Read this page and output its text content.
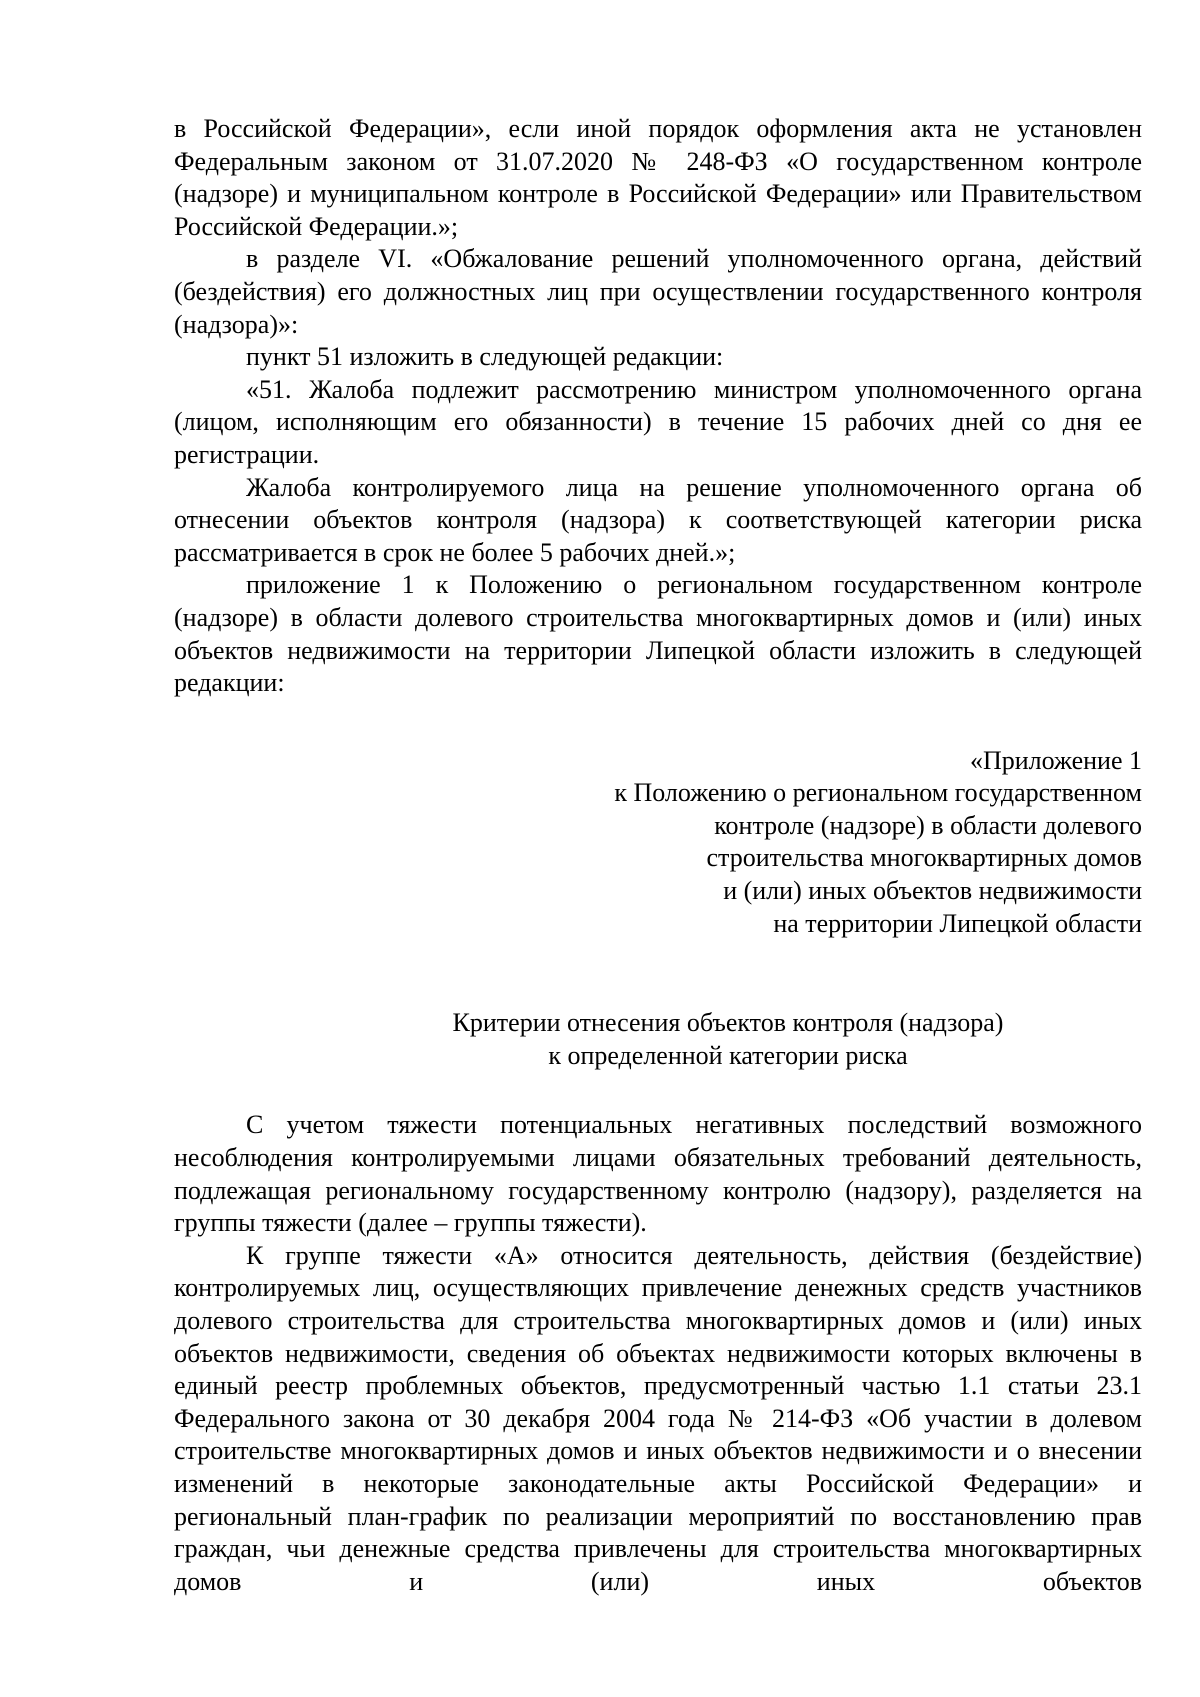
в Российской Федерации», если иной порядок оформления акта не установлен Федеральным законом от 31.07.2020 № 248-ФЗ «О государственном контроле (надзоре) и муниципальном контроле в Российской Федерации» или Правительством Российской Федерации.»;

в разделе VI. «Обжалование решений уполномоченного органа, действий (бездействия) его должностных лиц при осуществлении государственного контроля (надзора)»:

пункт 51 изложить в следующей редакции:

«51. Жалоба подлежит рассмотрению министром уполномоченного органа (лицом, исполняющим его обязанности) в течение 15 рабочих дней со дня ее регистрации.

Жалоба контролируемого лица на решение уполномоченного органа об отнесении объектов контроля (надзора) к соответствующей категории риска рассматривается в срок не более 5 рабочих дней.»;

приложение 1 к Положению о региональном государственном контроле (надзоре) в области долевого строительства многоквартирных домов и (или) иных объектов недвижимости на территории Липецкой области изложить в следующей редакции:

«Приложение 1
к Положению о региональном государственном
контроле (надзоре) в области долевого
строительства многоквартирных домов
и (или) иных объектов недвижимости
на территории Липецкой области
Критерии отнесения объектов контроля (надзора)
к определенной категории риска

С учетом тяжести потенциальных негативных последствий возможного несоблюдения контролируемыми лицами обязательных требований деятельность, подлежащая региональному государственному контролю (надзору), разделяется на группы тяжести (далее – группы тяжести).

К группе тяжести «А» относится деятельность, действия (бездействие) контролируемых лиц, осуществляющих привлечение денежных средств участников долевого строительства для строительства многоквартирных домов и (или) иных объектов недвижимости, сведения об объектах недвижимости которых включены в единый реестр проблемных объектов, предусмотренный частью 1.1 статьи 23.1 Федерального закона от 30 декабря 2004 года № 214-ФЗ «Об участии в долевом строительстве многоквартирных домов и иных объектов недвижимости и о внесении изменений в некоторые законодательные акты Российской Федерации» и региональный план-график по реализации мероприятий по восстановлению прав граждан, чьи денежные средства привлечены для строительства многоквартирных домов и (или) иных объектов
